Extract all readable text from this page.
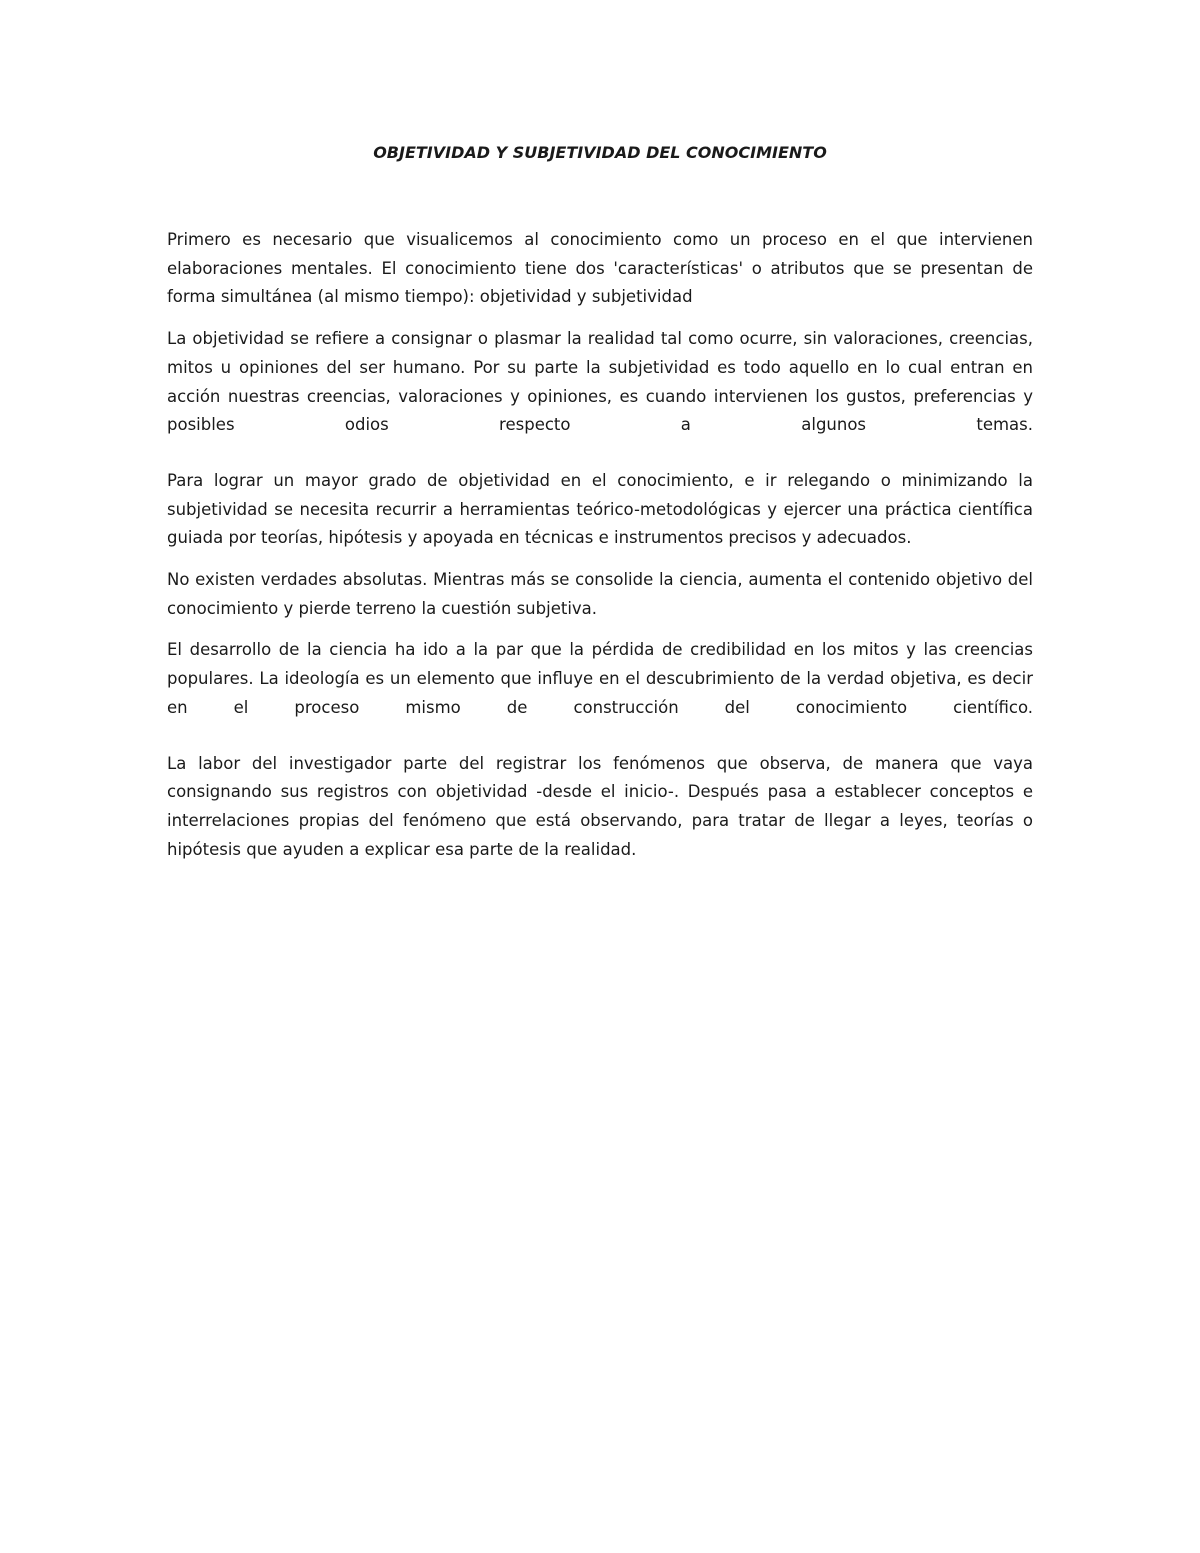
OBJETIVIDAD Y SUBJETIVIDAD DEL CONOCIMIENTO

Primero es necesario que visualicemos al conocimiento como un proceso en el que intervienen elaboraciones mentales. El conocimiento tiene dos 'características' o atributos que se presentan de forma simultánea (al mismo tiempo): objetividad y subjetividad

La objetividad se refiere a consignar o plasmar la realidad tal como ocurre, sin valoraciones, creencias, mitos u opiniones del ser humano. Por su parte la subjetividad es todo aquello en lo cual entran en acción nuestras creencias, valoraciones y opiniones, es cuando intervienen los gustos, preferencias y posibles odios respecto a algunos temas.

Para lograr un mayor grado de objetividad en el conocimiento, e ir relegando o minimizando la subjetividad se necesita recurrir a herramientas teórico-metodológicas y ejercer una práctica científica guiada por teorías, hipótesis y apoyada en técnicas e instrumentos precisos y adecuados.

No existen verdades absolutas. Mientras más se consolide la ciencia, aumenta el contenido objetivo del conocimiento y pierde terreno la cuestión subjetiva.

El desarrollo de la ciencia ha ido a la par que la pérdida de credibilidad en los mitos y las creencias populares. La ideología es un elemento que influye en el descubrimiento de la verdad objetiva, es decir en el proceso mismo de construcción del conocimiento científico.

La labor del investigador parte del registrar los fenómenos que observa, de manera que vaya consignando sus registros con objetividad -desde el inicio-. Después pasa a establecer conceptos e interrelaciones propias del fenómeno que está observando, para tratar de llegar a leyes, teorías o hipótesis que ayuden a explicar esa parte de la realidad.
